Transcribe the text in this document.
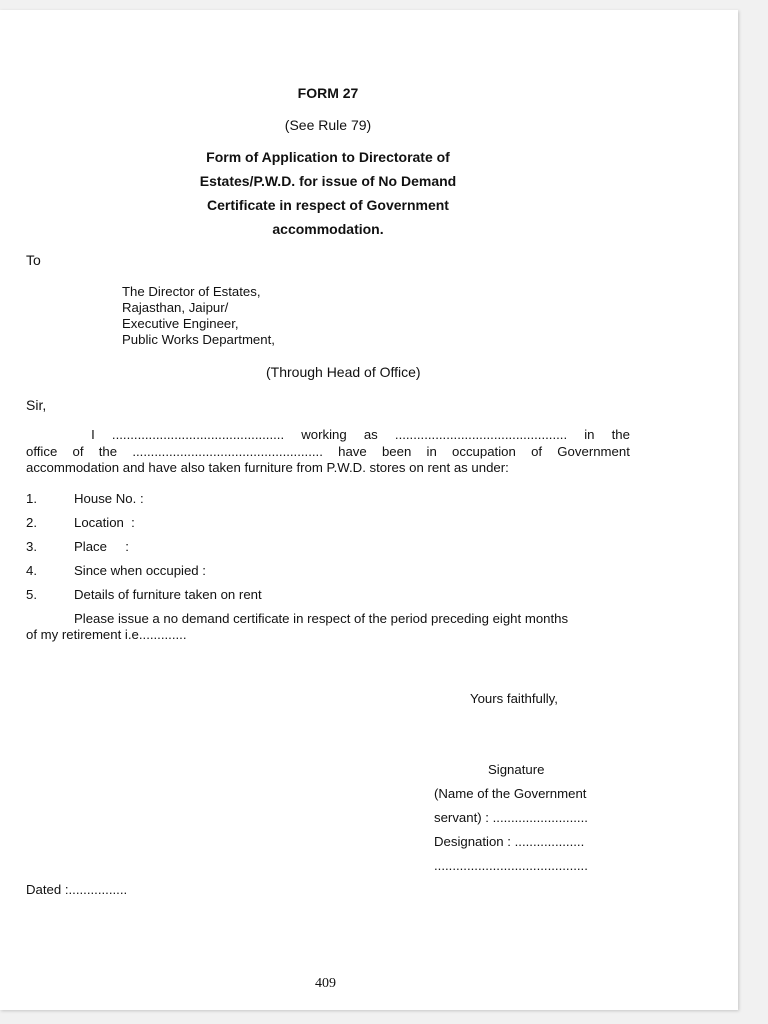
FORM 27
(See Rule 79)
Form of Application to Directorate of
Estates/P.W.D. for issue of No Demand
Certificate in respect of Government
accommodation.
To
The Director of Estates,
Rajasthan, Jaipur/
Executive Engineer,
Public Works Department,
(Through Head of Office)
Sir,
I ............................................... working as ............................................... in the
office of the .................................................... have been in occupation of Government
accommodation and have also taken furniture from P.W.D. stores on rent as under:
1.	House No. :
2.	Location  :
3.	Place     :
4.	Since when occupied :
5.	Details of furniture taken on rent
Please issue a no demand certificate in respect of the period preceding eight months
of my retirement i.e.............
Yours faithfully,
Signature
(Name of the Government
servant) : ..........................
Designation : ...................
..........................................
Dated :................
409
